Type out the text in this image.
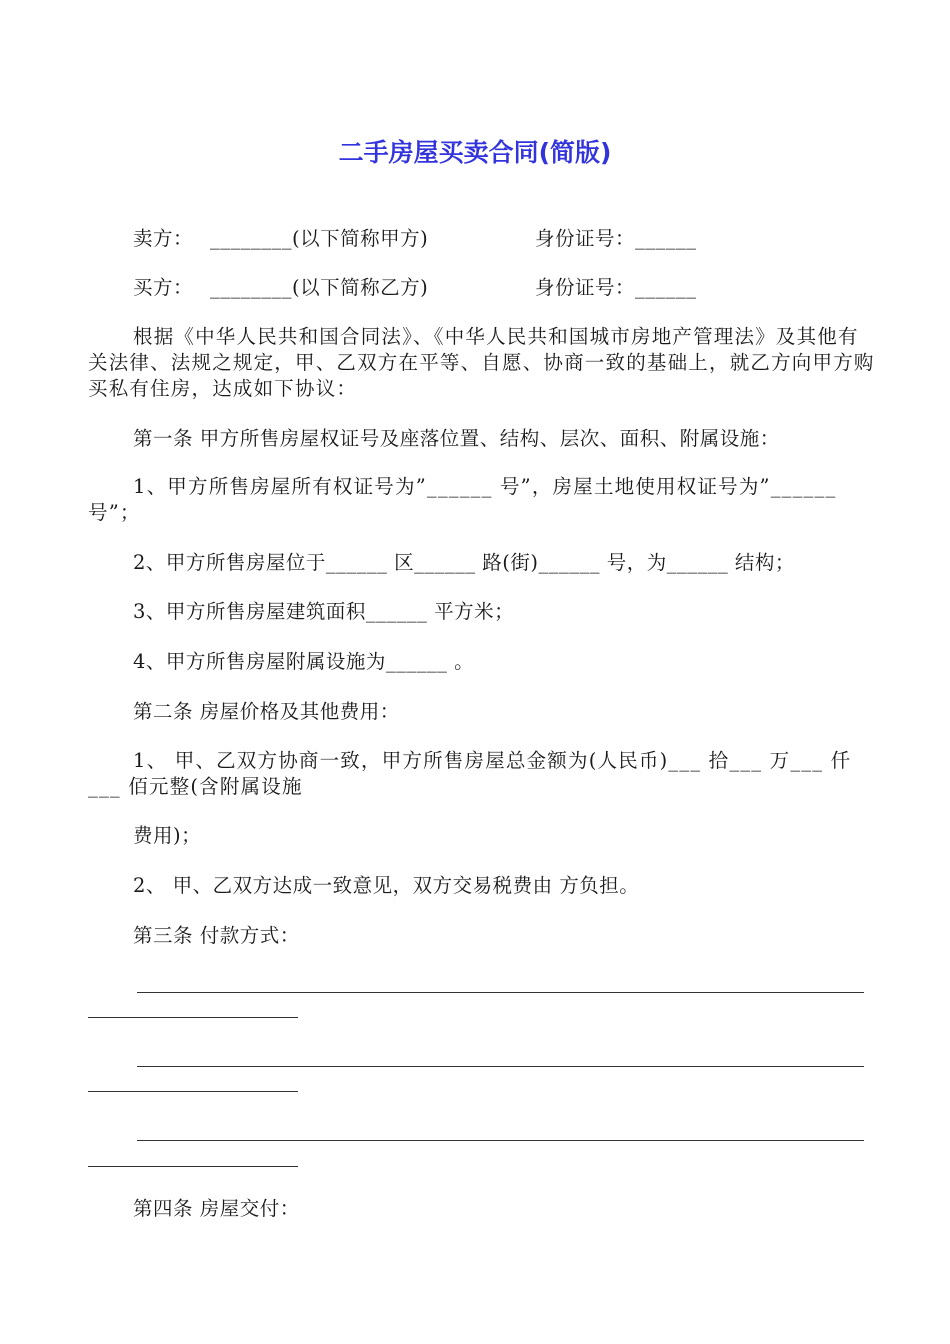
二手房屋买卖合同(简版)
卖方： ________(以下简称甲方)	身份证号：______
买方： ________(以下简称乙方)	身份证号：______
根据《中华人民共和国合同法》、《中华人民共和国城市房地产管理法》及其他有关法律、法规之规定，甲、乙双方在平等、自愿、协商一致的基础上，就乙方向甲方购买私有住房，达成如下协议：
第一条 甲方所售房屋权证号及座落位置、结构、层次、面积、附属设施：
1、甲方所售房屋所有权证号为”______ 号”，房屋土地使用权证号为”______ 号”；
2、甲方所售房屋位于______ 区______ 路(街)______ 号，为______ 结构；
3、甲方所售房屋建筑面积______ 平方米；
4、甲方所售房屋附属设施为______ 。
第二条 房屋价格及其他费用：
1、 甲、乙双方协商一致，甲方所售房屋总金额为(人民币)___ 拾___ 万___ 仟___ 佰元整(含附属设施
费用)；
2、 甲、乙双方达成一致意见，双方交易税费由 方负担。
第三条 付款方式：
第四条 房屋交付：
